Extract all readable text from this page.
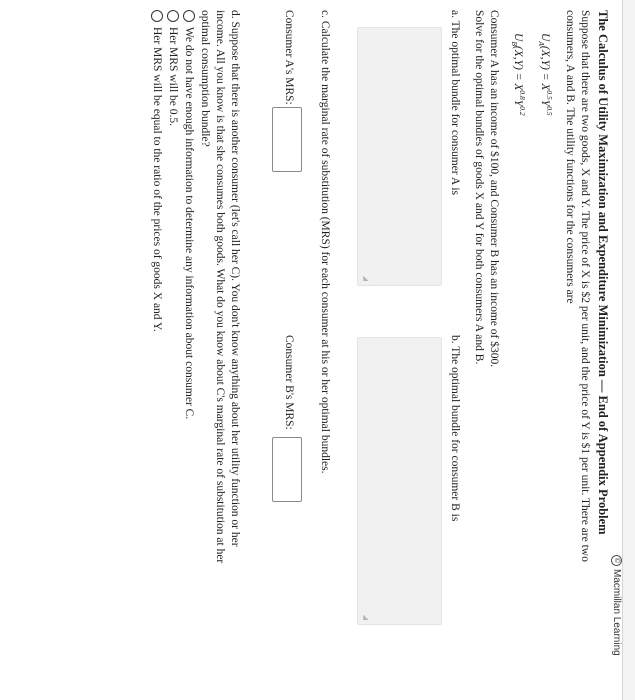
©
Macmillan Learning
The Calculus of Utility Maximization and Expenditure Minimization — End of Appendix Problem
Suppose that there are two goods, X and Y. The price of X is $2 per unit, and the price of Y is $1 per unit. There are two
consumers, A and B. The utility functions for the consumers are
$U_A(X,Y) = X^{0.5}Y^{0.5}$
$U_B(X,Y) = X^{0.8}Y^{0.2}$
Consumer A has an income of $100, and Consumer B has an income of $300.
Solve for the optimal bundles of goods X and Y for both consumers A and B.
a. The optimal bundle for consumer A is
b. The optimal bundle for consumer B is
◢
◢
c. Calculate the marginal rate of substitution (MRS) for each consumer at his or her optimal bundles.
Consumer A's MRS:
Consumer B's MRS:
d. Suppose that there is another consumer (let's call her C). You don't know anything about her utility function or her
income. All you know is that she consumes both goods. What do you know about C's marginal rate of substitution at her
optimal consumption bundle?
We do not have enough information to determine any information about consumer C.
Her MRS will be 0.5.
Her MRS will be equal to the ratio of the prices of goods X and Y.
